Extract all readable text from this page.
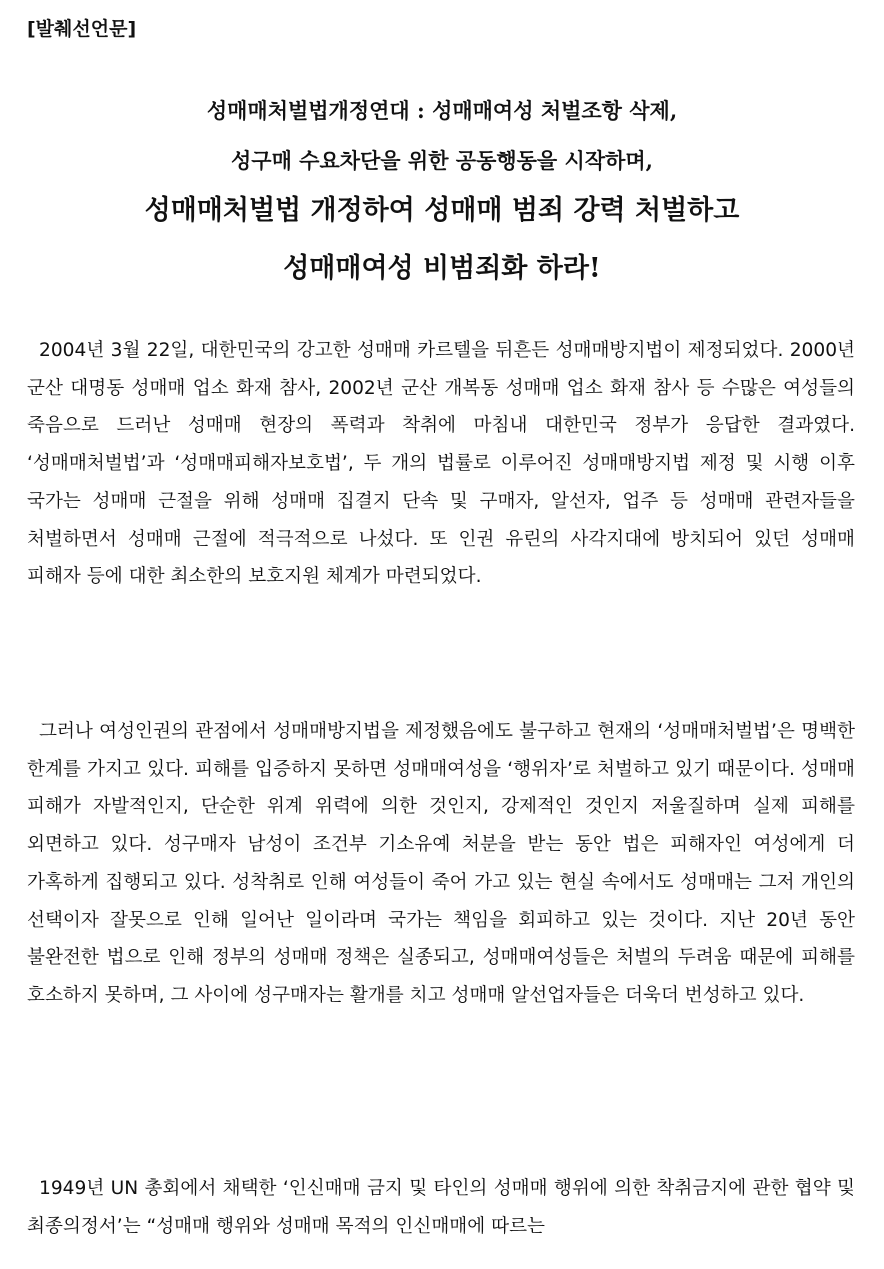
[발췌선언문]
성매매처벌법개정연대 : 성매매여성 처벌조항 삭제,
성구매 수요차단을 위한 공동행동을 시작하며,
성매매처벌법 개정하여 성매매 범죄 강력 처벌하고
성매매여성 비범죄화 하라!

2004년 3월 22일, 대한민국의 강고한 성매매 카르텔을 뒤흔든 성매매방지법이 제정되었다. 2000년 군산 대명동 성매매 업소 화재 참사, 2002년 군산 개복동 성매매 업소 화재 참사 등 수많은 여성들의 죽음으로 드러난 성매매 현장의 폭력과 착취에 마침내 대한민국 정부가 응답한 결과였다. ‘성매매처벌법’과 ‘성매매피해자보호법’, 두 개의 법률로 이루어진 성매매방지법 제정 및 시행 이후 국가는 성매매 근절을 위해 성매매 집결지 단속 및 구매자, 알선자, 업주 등 성매매 관련자들을 처벌하면서 성매매 근절에 적극적으로 나섰다. 또 인권 유린의 사각지대에 방치되어 있던 성매매 피해자 등에 대한 최소한의 보호지원 체계가 마련되었다.

그러나 여성인권의 관점에서 성매매방지법을 제정했음에도 불구하고 현재의 ‘성매매처벌법’은 명백한 한계를 가지고 있다. 피해를 입증하지 못하면 성매매여성을 ‘행위자’로 처벌하고 있기 때문이다. 성매매 피해가 자발적인지, 단순한 위계 위력에 의한 것인지, 강제적인 것인지 저울질하며 실제 피해를 외면하고 있다. 성구매자 남성이 조건부 기소유예 처분을 받는 동안 법은 피해자인 여성에게 더 가혹하게 집행되고 있다. 성착취로 인해 여성들이 죽어 가고 있는 현실 속에서도 성매매는 그저 개인의 선택이자 잘못으로 인해 일어난 일이라며 국가는 책임을 회피하고 있는 것이다. 지난 20년 동안 불완전한 법으로 인해 정부의 성매매 정책은 실종되고, 성매매여성들은 처벌의 두려움 때문에 피해를 호소하지 못하며, 그 사이에 성구매자는 활개를 치고 성매매 알선업자들은 더욱더 번성하고 있다.

1949년 UN 총회에서 채택한 ‘인신매매 금지 및 타인의 성매매 행위에 의한 착취금지에 관한 협약 및 최종의정서’는 “성매매 행위와 성매매 목적의 인신매매에 따르는
